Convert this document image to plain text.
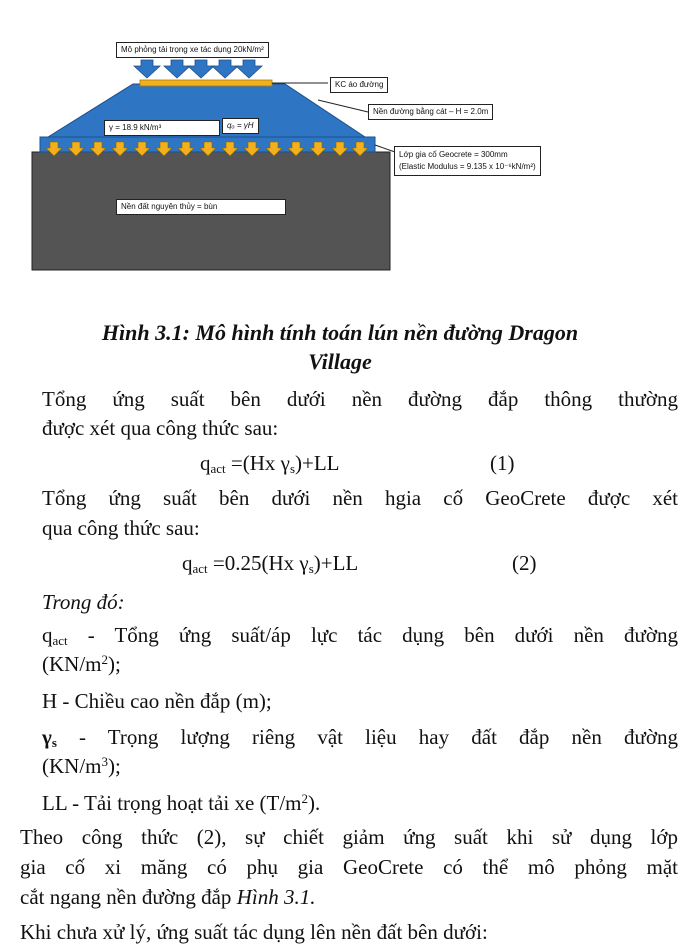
Mô phỏng tải trọng xe tác dụng 20kN/m²
KC áo đường
Nền đường bằng cát – H = 2.0m
γ = 18.9 kN/m³	qₒ = γH
Lớp gia cố Geocrete = 300mm
(Elastic Modulus = 9.135 x 10⁻⁶kN/m²)
Nền đất nguyên thủy = bùn
Hình 3.1: Mô hình tính toán lún nền đường Dragon
Village
Tổng ứng suất bên dưới nền đường đắp thông thường
được xét qua công thức sau:
$q_{act} =(Hx$ $\gamma_s)+LL$	(1)
Tổng ứng suất bên dưới nền hgia cố GeoCrete được xét
qua công thức sau:
$q_{act} =0.25(Hx$ $\gamma_s)+LL$	(2)
Trong đó:
$q_{act}$ - Tổng ứng suất/áp lực tác dụng bên dưới nền đường
$(KN/m^2)$;
H - Chiều cao nền đắp (m);
$\gamma_s$ - Trọng lượng riêng vật liệu hay đất đắp nền đường
$(KN/m^3)$;
LL - Tải trọng hoạt tải xe $(T/m^2)$.
Theo công thức (2), sự chiết giảm ứng suất khi sử dụng lớp
gia cố xi măng có phụ gia GeoCrete có thể mô phỏng mặt
cắt ngang nền đường đắp Hình 3.1.
Khi chưa xử lý, ứng suất tác dụng lên nền đất bên dưới:
